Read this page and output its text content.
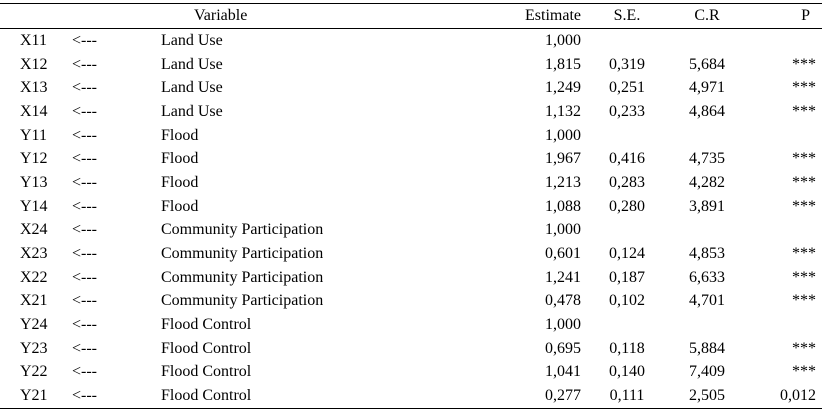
Variable			Estimate	S.E.	C.R	P
X11	<---	Land Use	1,000			
X12	<---	Land Use	1,815	0,319	5,684	***
X13	<---	Land Use	1,249	0,251	4,971	***
X14	<---	Land Use	1,132	0,233	4,864	***
Y11	<---	Flood	1,000			
Y12	<---	Flood	1,967	0,416	4,735	***
Y13	<---	Flood	1,213	0,283	4,282	***
Y14	<---	Flood	1,088	0,280	3,891	***
X24	<---	Community Participation	1,000			
X23	<---	Community Participation	0,601	0,124	4,853	***
X22	<---	Community Participation	1,241	0,187	6,633	***
X21	<---	Community Participation	0,478	0,102	4,701	***
Y24	<---	Flood Control	1,000			
Y23	<---	Flood Control	0,695	0,118	5,884	***
Y22	<---	Flood Control	1,041	0,140	7,409	***
Y21	<---	Flood Control	0,277	0,111	2,505	0,012
